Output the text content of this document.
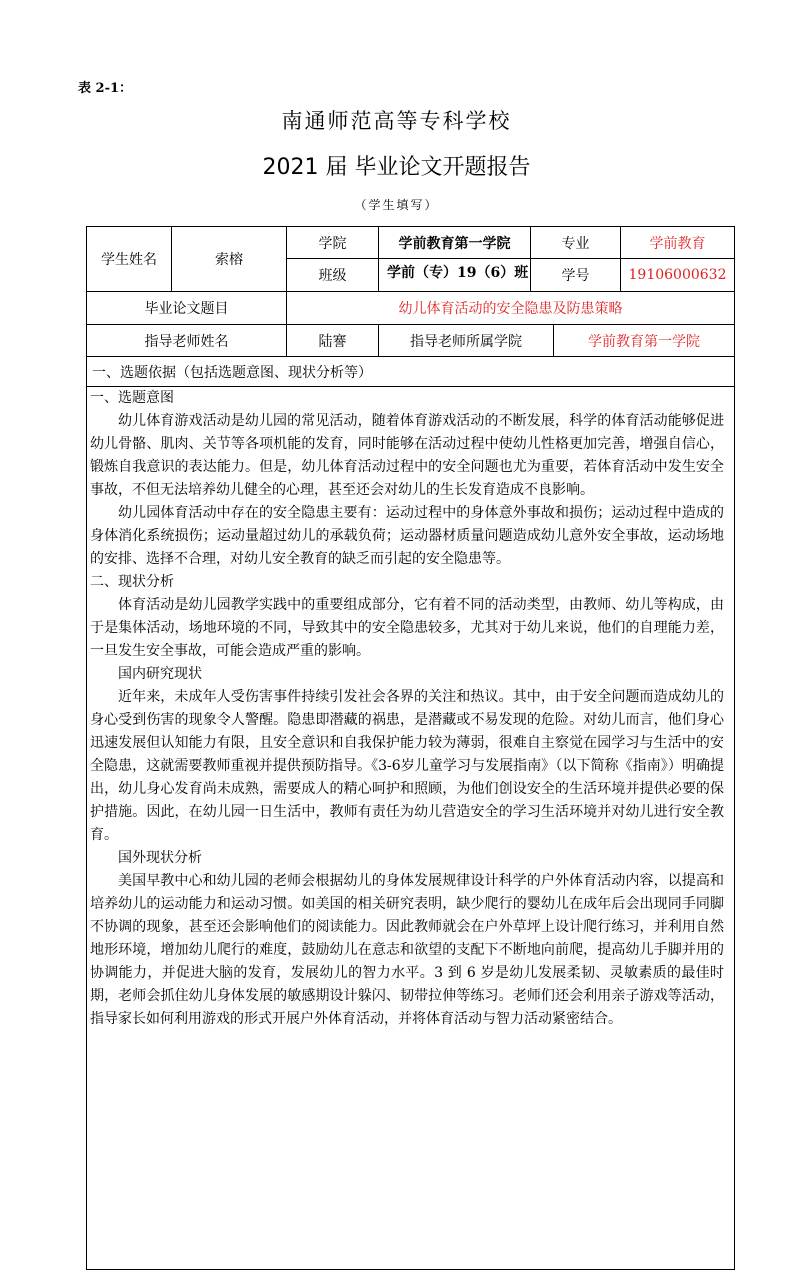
表 2-1：
南通师范高等专科学校
2021 届 毕业论文开题报告
（学生填写）
学生姓名	索榕
学院	学前教育第一学院	专业	学前教育
班级	学前（专）19（6）班	学号	19106000632
毕业论文题目	幼儿体育活动的安全隐患及防患策略
指导老师姓名	陆謇	指导老师所属学院	学前教育第一学院
一、选题依据（包括选题意图、现状分析等）

一、选题意图

幼儿体育游戏活动是幼儿园的常见活动，随着体育游戏活动的不断发展，科学的体育活动能够促进幼儿骨骼、肌肉、关节等各项机能的发育，同时能够在活动过程中使幼儿性格更加完善，增强自信心，锻炼自我意识的表达能力。但是，幼儿体育活动过程中的安全问题也尤为重要，若体育活动中发生安全事故，不但无法培养幼儿健全的心理，甚至还会对幼儿的生长发育造成不良影响。

幼儿园体育活动中存在的安全隐患主要有：运动过程中的身体意外事故和损伤；运动过程中造成的身体消化系统损伤；运动量超过幼儿的承载负荷；运动器材质量问题造成幼儿意外安全事故，运动场地的安排、选择不合理，对幼儿安全教育的缺乏而引起的安全隐患等。

二、现状分析

体育活动是幼儿园教学实践中的重要组成部分，它有着不同的活动类型，由教师、幼儿等构成，由于是集体活动，场地环境的不同，导致其中的安全隐患较多，尤其对于幼儿来说，他们的自理能力差，一旦发生安全事故，可能会造成严重的影响。

国内研究现状

近年来，未成年人受伤害事件持续引发社会各界的关注和热议。其中，由于安全问题而造成幼儿的身心受到伤害的现象令人警醒。隐患即潜藏的祸患，是潜藏或不易发现的危险。对幼儿而言，他们身心迅速发展但认知能力有限，且安全意识和自我保护能力较为薄弱，很难自主察觉在园学习与生活中的安全隐患，这就需要教师重视并提供预防指导。《3-6岁儿童学习与发展指南》（以下简称《指南》）明确提出，幼儿身心发育尚未成熟，需要成人的精心呵护和照顾，为他们创设安全的生活环境并提供必要的保护措施。因此，在幼儿园一日生活中，教师有责任为幼儿营造安全的学习生活环境并对幼儿进行安全教育。

国外现状分析

美国早教中心和幼儿园的老师会根据幼儿的身体发展规律设计科学的户外体育活动内容，以提高和培养幼儿的运动能力和运动习惯。如美国的相关研究表明，缺少爬行的婴幼儿在成年后会出现同手同脚不协调的现象，甚至还会影响他们的阅读能力。因此教师就会在户外草坪上设计爬行练习，并利用自然地形环境，增加幼儿爬行的难度，鼓励幼儿在意志和欲望的支配下不断地向前爬，提高幼儿手脚并用的协调能力，并促进大脑的发育，发展幼儿的智力水平。3 到 6 岁是幼儿发展柔韧、灵敏素质的最佳时期，老师会抓住幼儿身体发展的敏感期设计躲闪、韧带拉伸等练习。老师们还会利用亲子游戏等活动，指导家长如何利用游戏的形式开展户外体育活动，并将体育活动与智力活动紧密结合。
